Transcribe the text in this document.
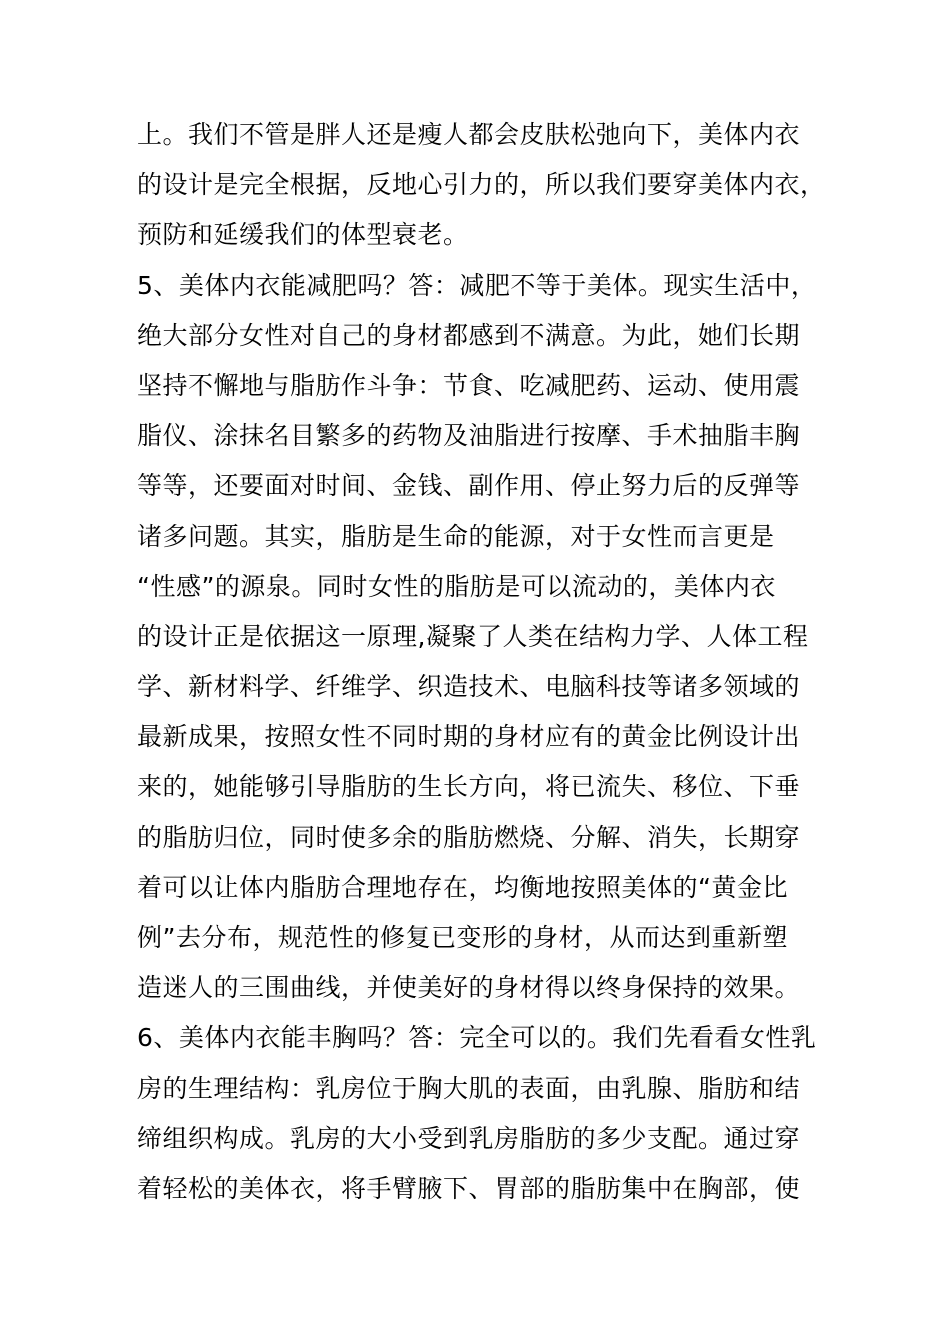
上。我们不管是胖人还是瘦人都会皮肤松弛向下，美体内衣
的设计是完全根据，反地心引力的，所以我们要穿美体内衣，
预防和延缓我们的体型衰老。
5、美体内衣能减肥吗？答：减肥不等于美体。现实生活中，
绝大部分女性对自己的身材都感到不满意。为此，她们长期
坚持不懈地与脂肪作斗争：节食、吃减肥药、运动、使用震
脂仪、涂抹名目繁多的药物及油脂进行按摩、手术抽脂丰胸
等等，还要面对时间、金钱、副作用、停止努力后的反弹等
诸多问题。其实，脂肪是生命的能源，对于女性而言更是
“性感”的源泉。同时女性的脂肪是可以流动的，美体内衣
的设计正是依据这一原理,凝聚了人类在结构力学、人体工程
学、新材料学、纤维学、织造技术、电脑科技等诸多领域的
最新成果，按照女性不同时期的身材应有的黄金比例设计出
来的，她能够引导脂肪的生长方向，将已流失、移位、下垂
的脂肪归位，同时使多余的脂肪燃烧、分解、消失，长期穿
着可以让体内脂肪合理地存在，均衡地按照美体的“黄金比
例”去分布，规范性的修复已变形的身材，从而达到重新塑
造迷人的三围曲线，并使美好的身材得以终身保持的效果。
6、美体内衣能丰胸吗？答：完全可以的。我们先看看女性乳
房的生理结构：乳房位于胸大肌的表面，由乳腺、脂肪和结
缔组织构成。乳房的大小受到乳房脂肪的多少支配。通过穿
着轻松的美体衣，将手臂腋下、胃部的脂肪集中在胸部，使
